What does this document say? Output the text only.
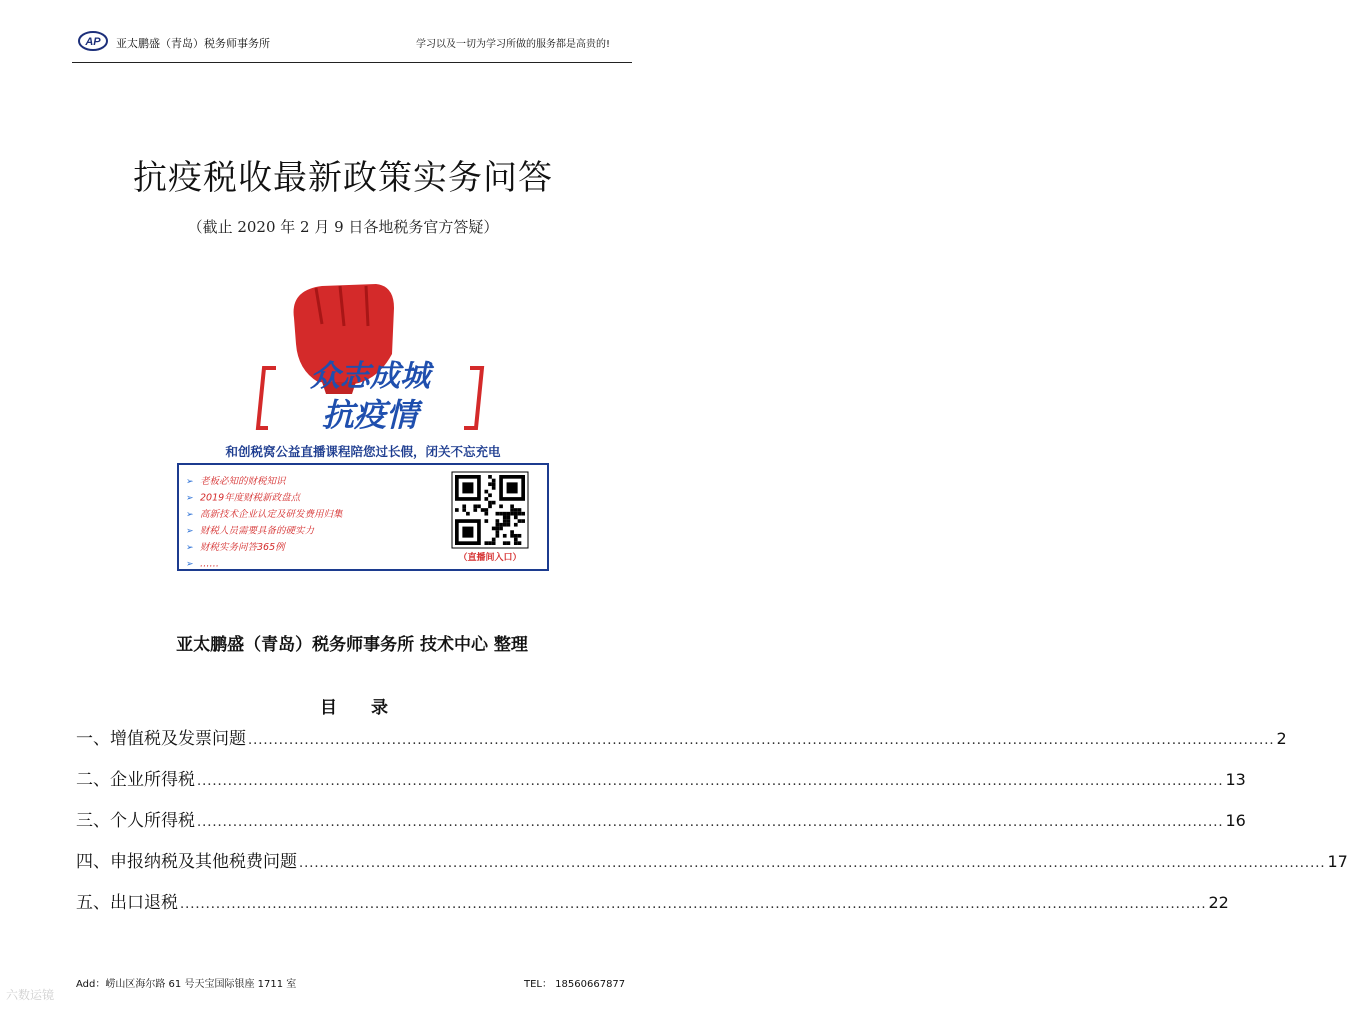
AP 亚太鹏盛（青岛）税务师事务所	学习以及一切为学习所做的服务都是高贵的!
抗疫税收最新政策实务问答
（截止 2020 年 2 月 9 日各地税务官方答疑）
众志成城
抗疫情
和创税窝公益直播课程陪您过长假，闭关不忘充电
➢ 老板必知的财税知识
➢ 2019年度财税新政盘点
➢ 高新技术企业认定及研发费用归集
➢ 财税人员需要具备的硬实力
➢ 财税实务问答365例
➢ ……
（直播间入口）
亚太鹏盛（青岛）税务师事务所 技术中心 整理
目 录
一、增值税及发票问题 ........................................................................................................................................................................................................ 2
二、企业所得税 ........................................................................................................................................................................................................ 13
三、个人所得税 ........................................................................................................................................................................................................ 16
四、申报纳税及其他税费问题 ........................................................................................................................................................................................................ 17
五、出口退税 ........................................................................................................................................................................................................ 22
Add：崂山区海尔路 61 号天宝国际银座 1711 室	TEL： 18560667877
六数运镜
